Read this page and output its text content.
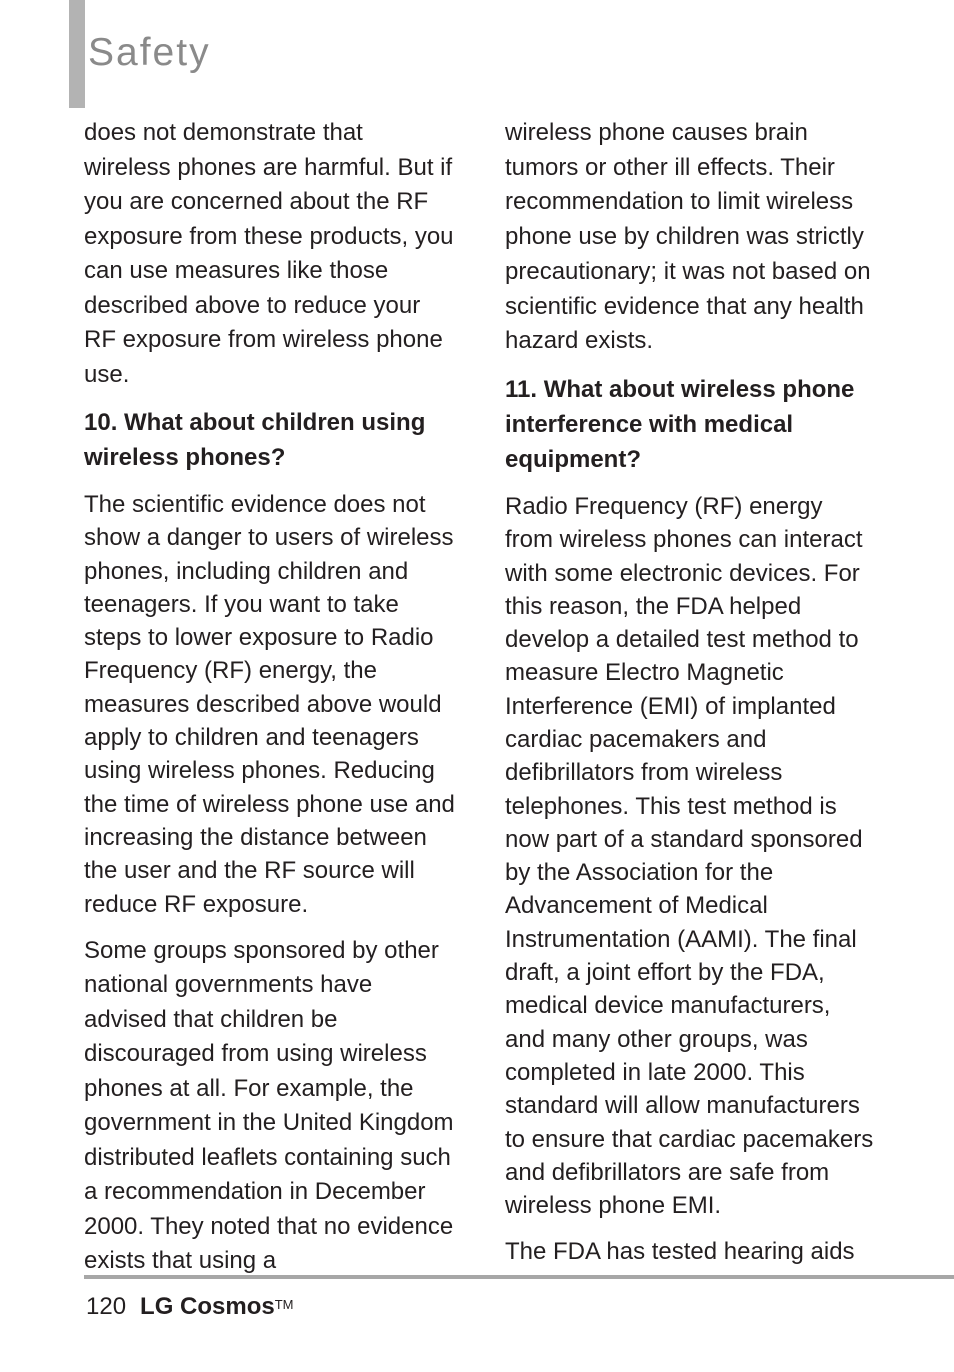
Safety

does not demonstrate that wireless phones are harmful. But if you are concerned about the RF exposure from these products, you can use measures like those described above to reduce your RF exposure from wireless phone use.

10. What about children using wireless phones?

The scientific evidence does not show a danger to users of wireless phones, including children and teenagers. If you want to take steps to lower exposure to Radio Frequency (RF) energy, the measures described above would apply to children and teenagers using wireless phones. Reducing the time of wireless phone use and increasing the distance between the user and the RF source will reduce RF exposure.

Some groups sponsored by other national governments have advised that children be discouraged from using wireless phones at all. For example, the government in the United Kingdom distributed leaflets containing such a recommendation in December 2000. They noted that no evidence exists that using a

wireless phone causes brain tumors or other ill effects. Their recommendation to limit wireless phone use by children was strictly precautionary; it was not based on scientific evidence that any health hazard exists.

11. What about wireless phone interference with medical equipment?

Radio Frequency (RF) energy from wireless phones can interact with some electronic devices. For this reason, the FDA helped develop a detailed test method to measure Electro Magnetic Interference (EMI) of implanted cardiac pacemakers and defibrillators from wireless telephones. This test method is now part of a standard sponsored by the Association for the Advancement of Medical Instrumentation (AAMI). The final draft, a joint effort by the FDA, medical device manufacturers, and many other groups, was completed in late 2000. This standard will allow manufacturers to ensure that cardiac pacemakers and defibrillators are safe from wireless phone EMI.

The FDA has tested hearing aids

120 LG Cosmos™
